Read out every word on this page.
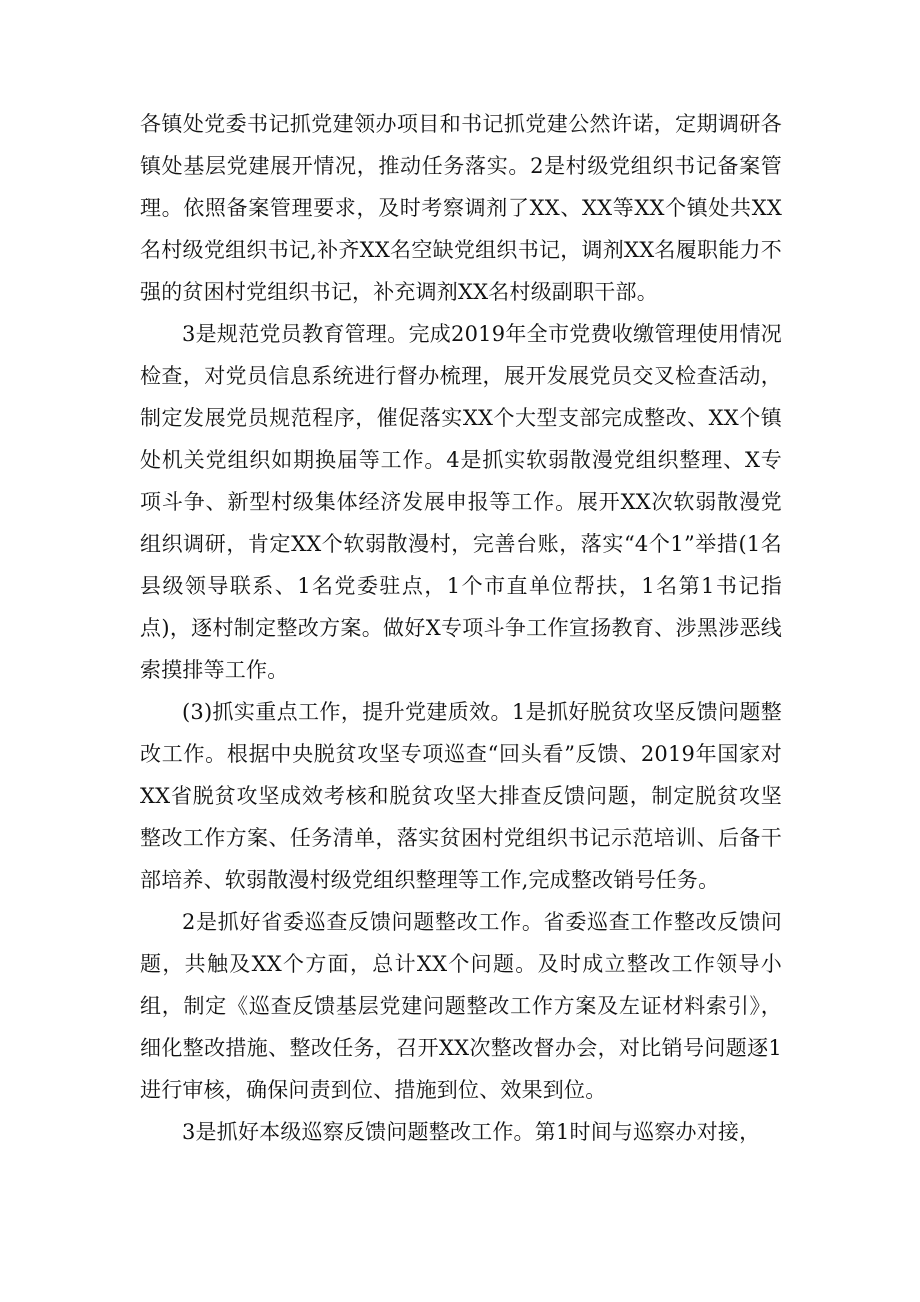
各镇处党委书记抓党建领办项目和书记抓党建公然许诺，定期调研各镇处基层党建展开情况，推动任务落实。2是村级党组织书记备案管理。依照备案管理要求，及时考察调剂了XX、XX等XX个镇处共XX名村级党组织书记,补齐XX名空缺党组织书记，调剂XX名履职能力不强的贫困村党组织书记，补充调剂XX名村级副职干部。

3是规范党员教育管理。完成2019年全市党费收缴管理使用情况检查，对党员信息系统进行督办梳理，展开发展党员交叉检查活动，制定发展党员规范程序，催促落实XX个大型支部完成整改、XX个镇处机关党组织如期换届等工作。4是抓实软弱散漫党组织整理、X专项斗争、新型村级集体经济发展申报等工作。展开XX次软弱散漫党组织调研，肯定XX个软弱散漫村，完善台账，落实“4个1”举措(1名县级领导联系、1名党委驻点，1个市直单位帮扶，1名第1书记指点)，逐村制定整改方案。做好X专项斗争工作宣扬教育、涉黑涉恶线索摸排等工作。

(3)抓实重点工作，提升党建质效。1是抓好脱贫攻坚反馈问题整改工作。根据中央脱贫攻坚专项巡查“回头看”反馈、2019年国家对XX省脱贫攻坚成效考核和脱贫攻坚大排查反馈问题，制定脱贫攻坚整改工作方案、任务清单，落实贫困村党组织书记示范培训、后备干部培养、软弱散漫村级党组织整理等工作,完成整改销号任务。

2是抓好省委巡查反馈问题整改工作。省委巡查工作整改反馈问题，共触及XX个方面，总计XX个问题。及时成立整改工作领导小组，制定《巡查反馈基层党建问题整改工作方案及左证材料索引》，细化整改措施、整改任务，召开XX次整改督办会，对比销号问题逐1进行审核，确保问责到位、措施到位、效果到位。

3是抓好本级巡察反馈问题整改工作。第1时间与巡察办对接，
